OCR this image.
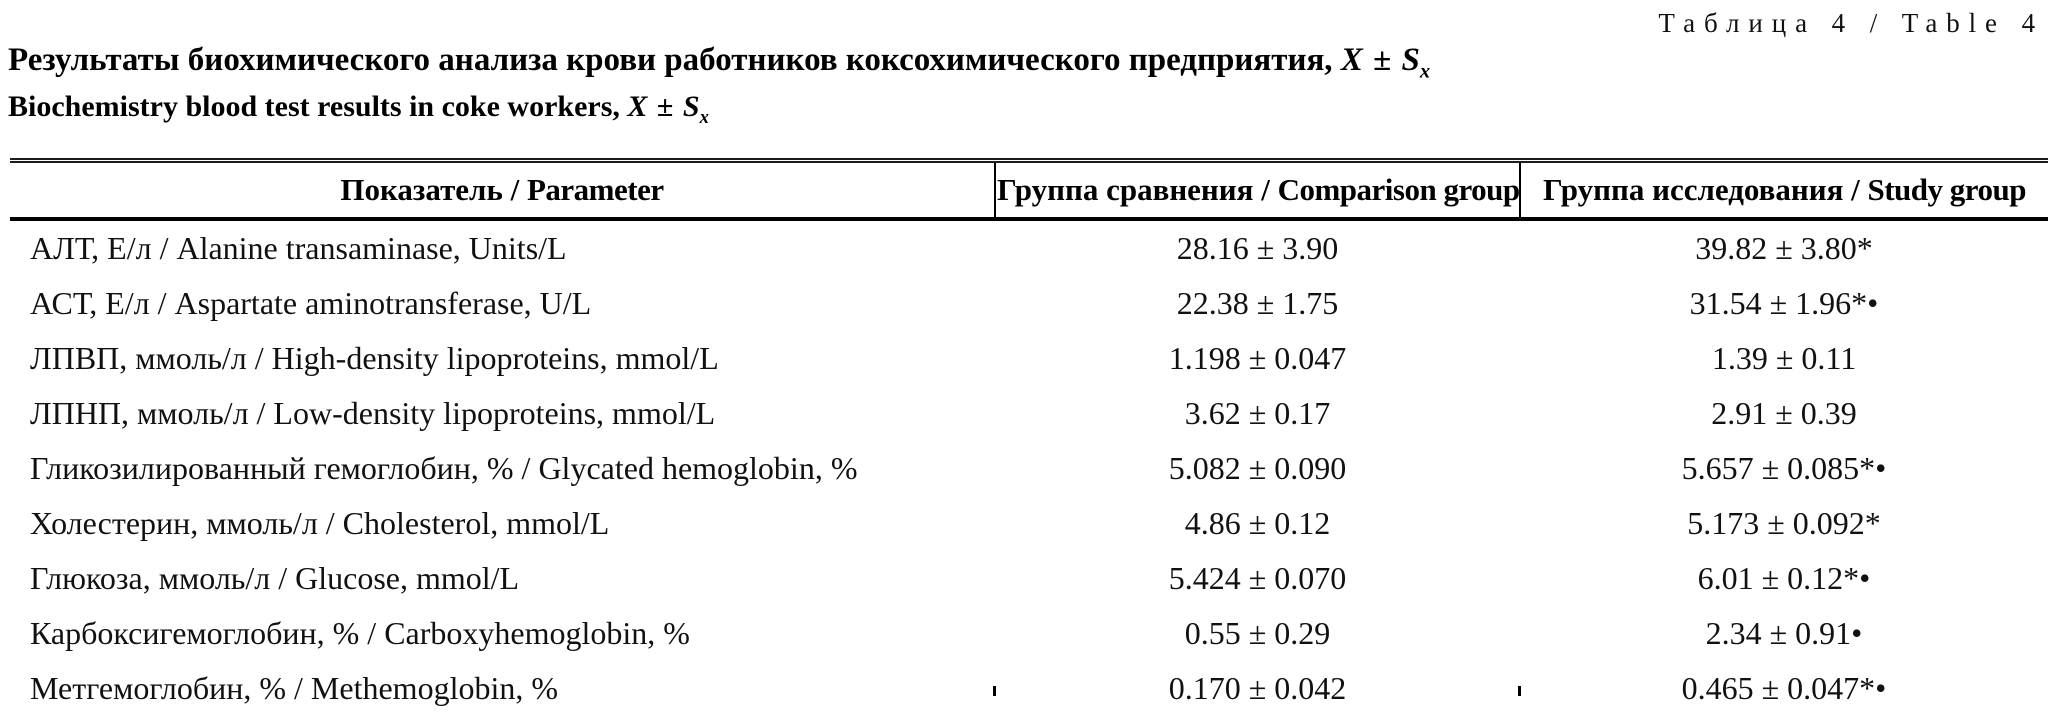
Таблица 4 / Table 4
Результаты биохимического анализа крови работников коксохимического предприятия, $X \pm S_x$
Biochemistry blood test results in coke workers, $X \pm S_x$
Показатель / Parameter	Группа сравнения / Comparison group	Группа исследования / Study group
АЛТ, Е/л / Alanine transaminase, Units/L	28.16 ± 3.90	39.82 ± 3.80*
АСТ, Е/л / Aspartate aminotransferase, U/L	22.38 ± 1.75	31.54 ± 1.96*•
ЛПВП, ммоль/л / High-density lipoproteins, mmol/L	1.198 ± 0.047	1.39 ± 0.11
ЛПНП, ммоль/л / Low-density lipoproteins, mmol/L	3.62 ± 0.17	2.91 ± 0.39
Гликозилированный гемоглобин, % / Glycated hemoglobin, %	5.082 ± 0.090	5.657 ± 0.085*•
Холестерин, ммоль/л / Cholesterol, mmol/L	4.86 ± 0.12	5.173 ± 0.092*
Глюкоза, ммоль/л / Glucose, mmol/L	5.424 ± 0.070	6.01 ± 0.12*•
Карбоксигемоглобин, % / Carboxyhemoglobin, %	0.55 ± 0.29	2.34 ± 0.91•
Метгемоглобин, % / Methemoglobin, %	0.170 ± 0.042	0.465 ± 0.047*•
